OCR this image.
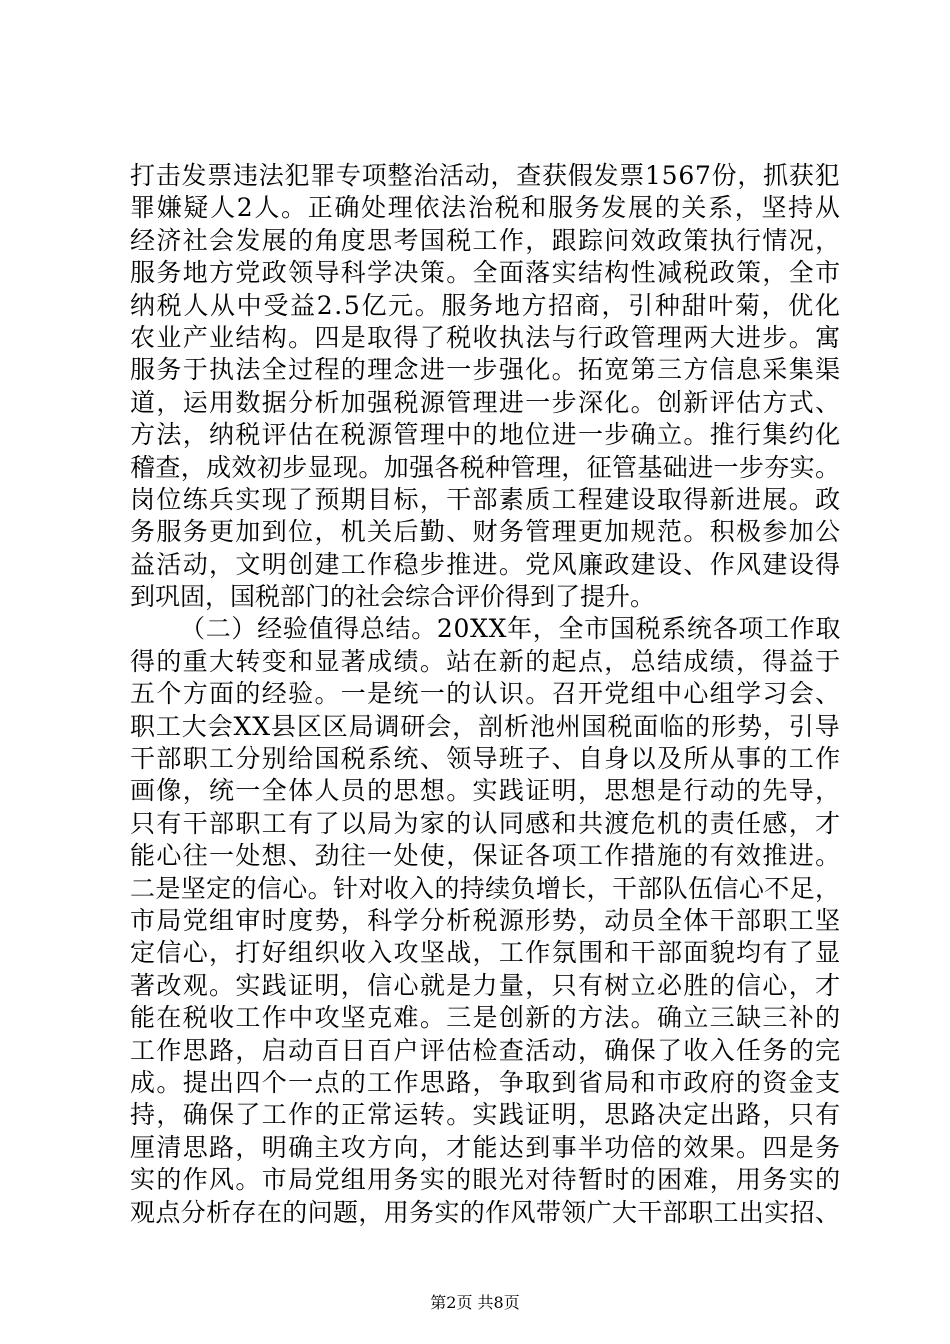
打击发票违法犯罪专项整治活动，查获假发票1567份，抓获犯
罪嫌疑人2人。正确处理依法治税和服务发展的关系，坚持从
经济社会发展的角度思考国税工作，跟踪问效政策执行情况，
服务地方党政领导科学决策。全面落实结构性减税政策，全市
纳税人从中受益2.5亿元。服务地方招商，引种甜叶菊，优化
农业产业结构。四是取得了税收执法与行政管理两大进步。寓
服务于执法全过程的理念进一步强化。拓宽第三方信息采集渠
道，运用数据分析加强税源管理进一步深化。创新评估方式、
方法，纳税评估在税源管理中的地位进一步确立。推行集约化
稽查，成效初步显现。加强各税种管理，征管基础进一步夯实。
岗位练兵实现了预期目标，干部素质工程建设取得新进展。政
务服务更加到位，机关后勤、财务管理更加规范。积极参加公
益活动，文明创建工作稳步推进。党风廉政建设、作风建设得
到巩固，国税部门的社会综合评价得到了提升。
（二）经验值得总结。20XX年，全市国税系统各项工作取
得的重大转变和显著成绩。站在新的起点，总结成绩，得益于
五个方面的经验。一是统一的认识。召开党组中心组学习会、
职工大会XX县区区局调研会，剖析池州国税面临的形势，引导
干部职工分别给国税系统、领导班子、自身以及所从事的工作
画像，统一全体人员的思想。实践证明，思想是行动的先导，
只有干部职工有了以局为家的认同感和共渡危机的责任感，才
能心往一处想、劲往一处使，保证各项工作措施的有效推进。
二是坚定的信心。针对收入的持续负增长，干部队伍信心不足，
市局党组审时度势，科学分析税源形势，动员全体干部职工坚
定信心，打好组织收入攻坚战，工作氛围和干部面貌均有了显
著改观。实践证明，信心就是力量，只有树立必胜的信心，才
能在税收工作中攻坚克难。三是创新的方法。确立三缺三补的
工作思路，启动百日百户评估检查活动，确保了收入任务的完
成。提出四个一点的工作思路，争取到省局和市政府的资金支
持，确保了工作的正常运转。实践证明，思路决定出路，只有
厘清思路，明确主攻方向，才能达到事半功倍的效果。四是务
实的作风。市局党组用务实的眼光对待暂时的困难，用务实的
观点分析存在的问题，用务实的作风带领广大干部职工出实招、
第2页 共8页
